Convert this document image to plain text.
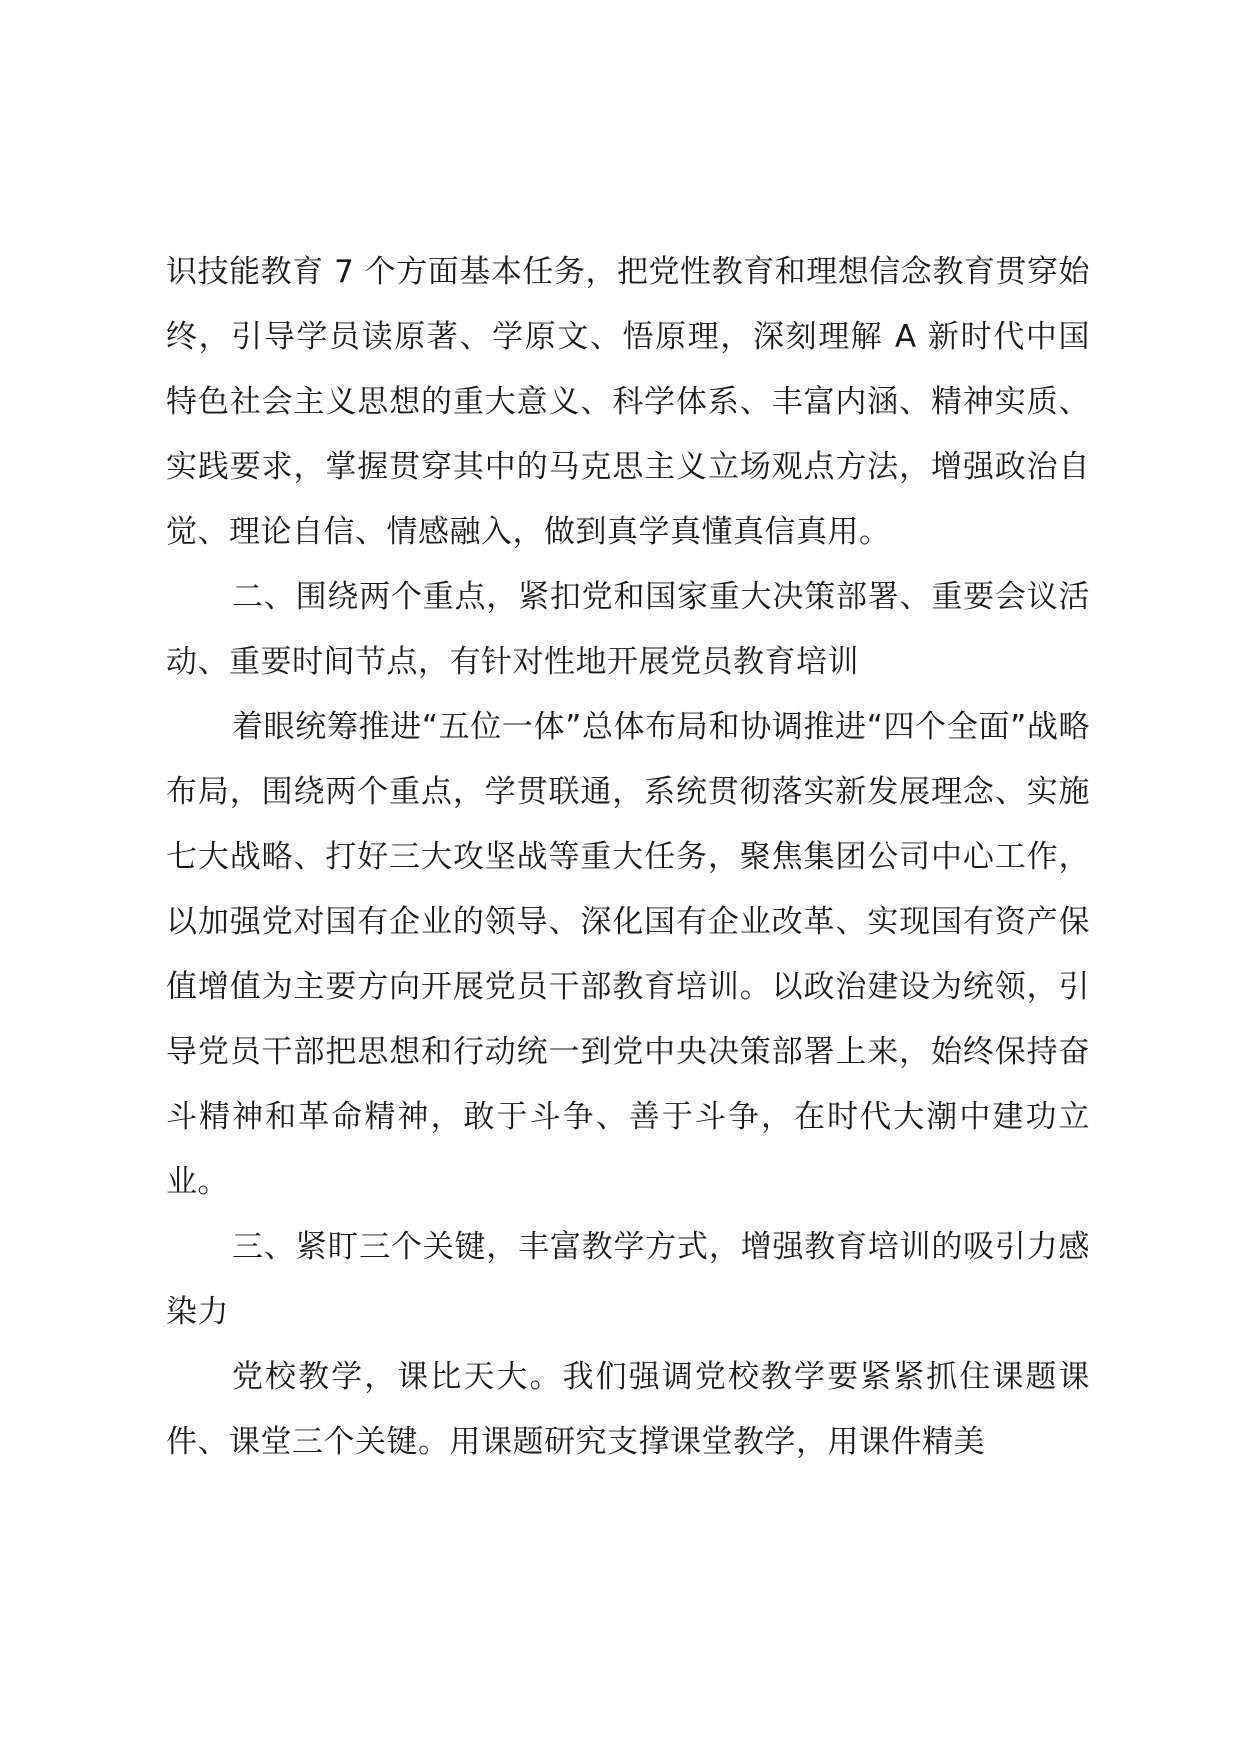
识技能教育 7 个方面基本任务，把党性教育和理想信念教育贯穿始终，引导学员读原著、学原文、悟原理，深刻理解 A 新时代中国特色社会主义思想的重大意义、科学体系、丰富内涵、精神实质、实践要求，掌握贯穿其中的马克思主义立场观点方法，增强政治自觉、理论自信、情感融入，做到真学真懂真信真用。

二、围绕两个重点，紧扣党和国家重大决策部署、重要会议活动、重要时间节点，有针对性地开展党员教育培训

着眼统筹推进“五位一体”总体布局和协调推进“四个全面”战略布局，围绕两个重点，学贯联通，系统贯彻落实新发展理念、实施七大战略、打好三大攻坚战等重大任务，聚焦集团公司中心工作，以加强党对国有企业的领导、深化国有企业改革、实现国有资产保值增值为主要方向开展党员干部教育培训。以政治建设为统领，引导党员干部把思想和行动统一到党中央决策部署上来，始终保持奋斗精神和革命精神，敢于斗争、善于斗争，在时代大潮中建功立业。

三、紧盯三个关键，丰富教学方式，增强教育培训的吸引力感染力

党校教学，课比天大。我们强调党校教学要紧紧抓住课题课件、课堂三个关键。用课题研究支撑课堂教学，用课件精美
